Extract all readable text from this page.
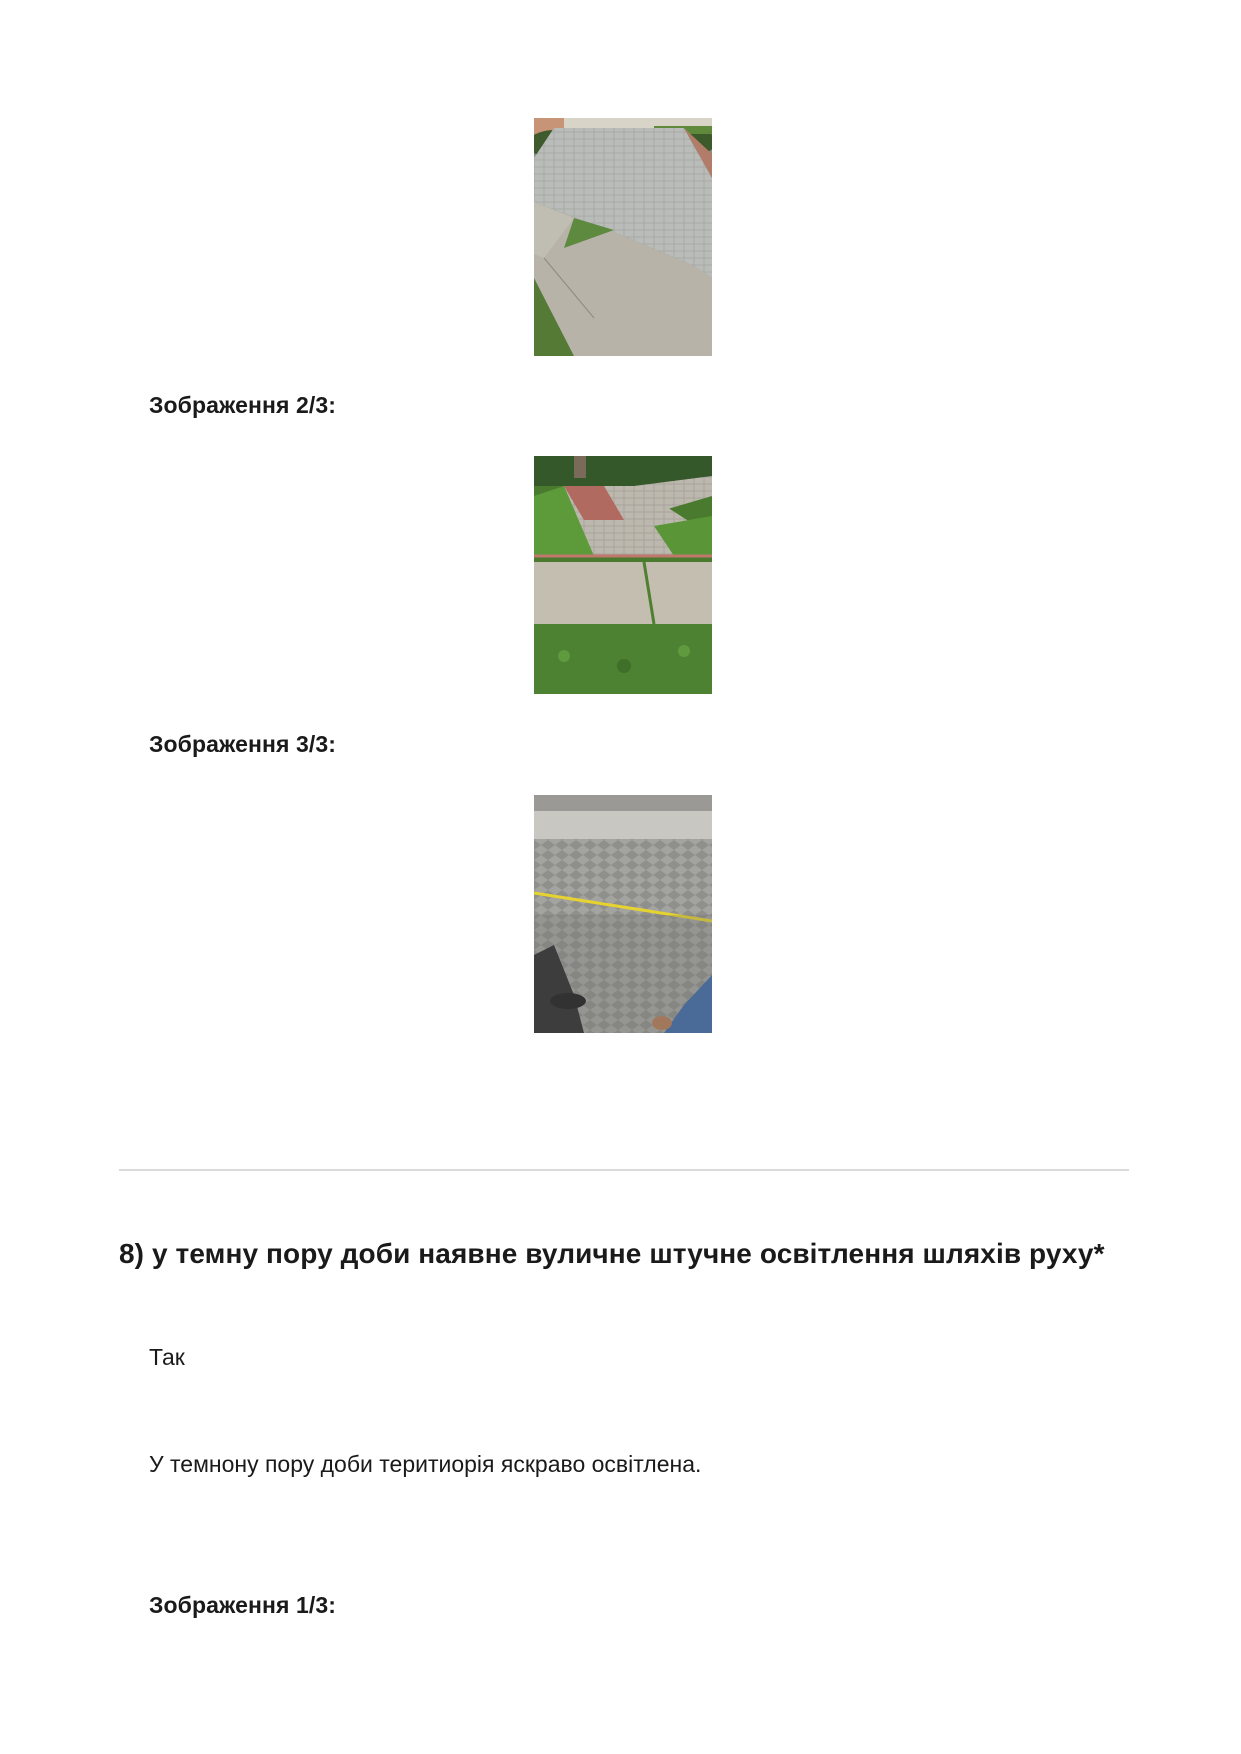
Зображення 2/3:
Зображення 3/3:
8) у темну пору доби наявне вуличне штучне освітлення шляхів руху*
Так
У темнону пору доби теритиорія яскраво освітлена.
Зображення 1/3:
